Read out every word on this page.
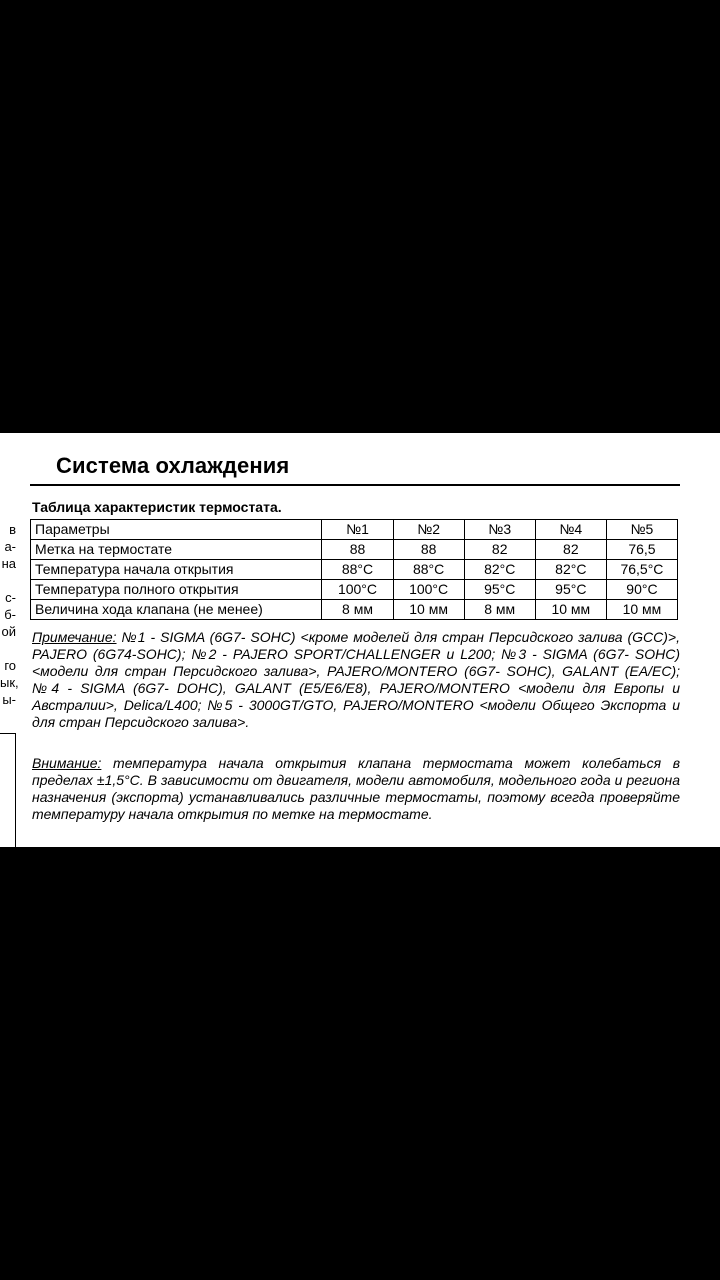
в
а-
на
с-
б-
ой
го
ык,
ы-
Система охлаждения
Таблица характеристик термостата.
Параметры	№1	№2	№3	№4	№5
Метка на термостате	88	88	82	82	76,5
Температура начала открытия	88°C	88°C	82°C	82°C	76,5°C
Температура полного открытия	100°C	100°C	95°C	95°C	90°C
Величина хода клапана (не менее)	8 мм	10 мм	8 мм	10 мм	10 мм
Примечание: №1 - SIGMA (6G7- SOHC) <кроме моделей для стран Персидского залива (GCC)>, PAJERO (6G74-SOHC); №2 - PAJERO SPORT/CHALLENGER и L200; №3 - SIGMA (6G7- SOHC) <модели для стран Персидского залива>, PAJERO/MONTERO (6G7- SOHC), GALANT (EA/EC); №4 - SIGMA (6G7- DOHC), GALANT (E5/E6/E8), PAJERO/MONTERO <модели для Европы и Австралии>, Delica/L400; №5 - 3000GT/GTO, PAJERO/MONTERO <модели Общего Экспорта и для стран Персидского залива>.
Внимание: температура начала открытия клапана термостата может колебаться в пределах ±1,5°C. В зависимости от двигателя, модели автомобиля, модельного года и региона назначения (экспорта) устанавливались различные термостаты, поэтому всегда проверяйте температуру начала открытия по метке на термостате.
